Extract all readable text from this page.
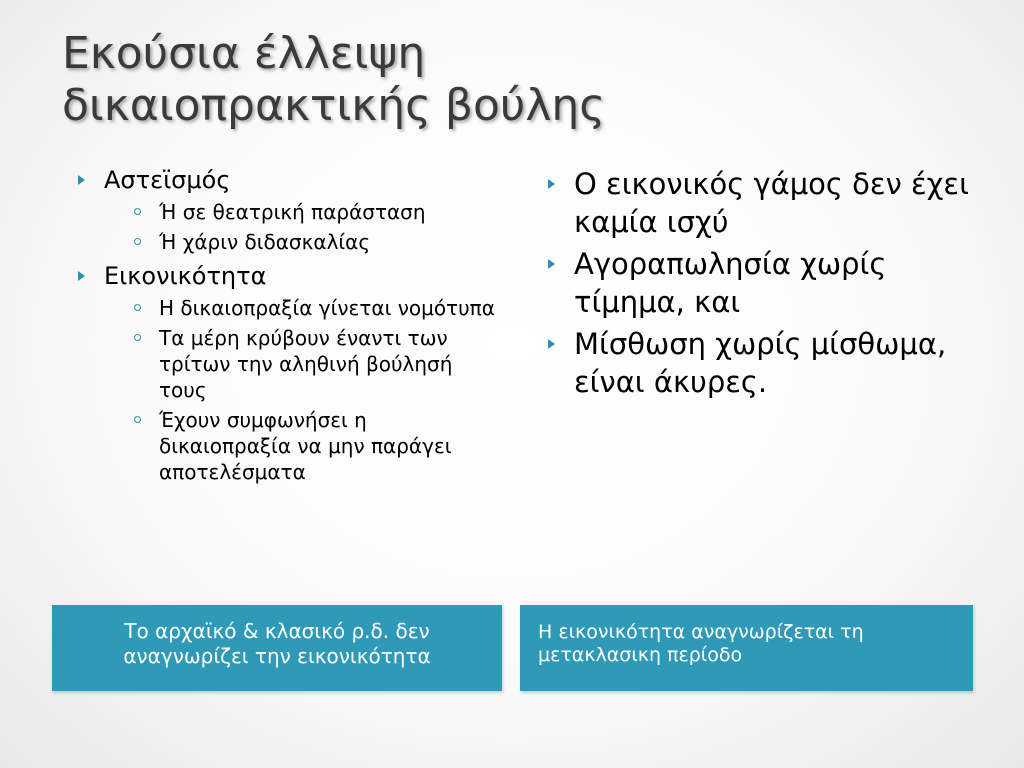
Εκούσια έλλειψη
δικαιοπρακτικής βούλης
Αστεϊσμός
Ή σε θεατρική παράσταση
Ή χάριν διδασκαλίας
Εικονικότητα
Η δικαιοπραξία γίνεται νομότυπα
Τα μέρη κρύβουν έναντι των τρίτων την αληθινή βούλησή τους
Έχουν συμφωνήσει η δικαιοπραξία να μην παράγει αποτελέσματα
Ο εικονικός γάμος δεν έχει καμία ισχύ
Αγοραπωλησία χωρίς τίμημα, και
Μίσθωση χωρίς μίσθωμα, είναι άκυρες.
Το αρχαϊκό & κλασικό ρ.δ. δεν αναγνωρίζει την εικονικότητα
Η εικονικότητα αναγνωρίζεται τη μετακλασικη περίοδο
